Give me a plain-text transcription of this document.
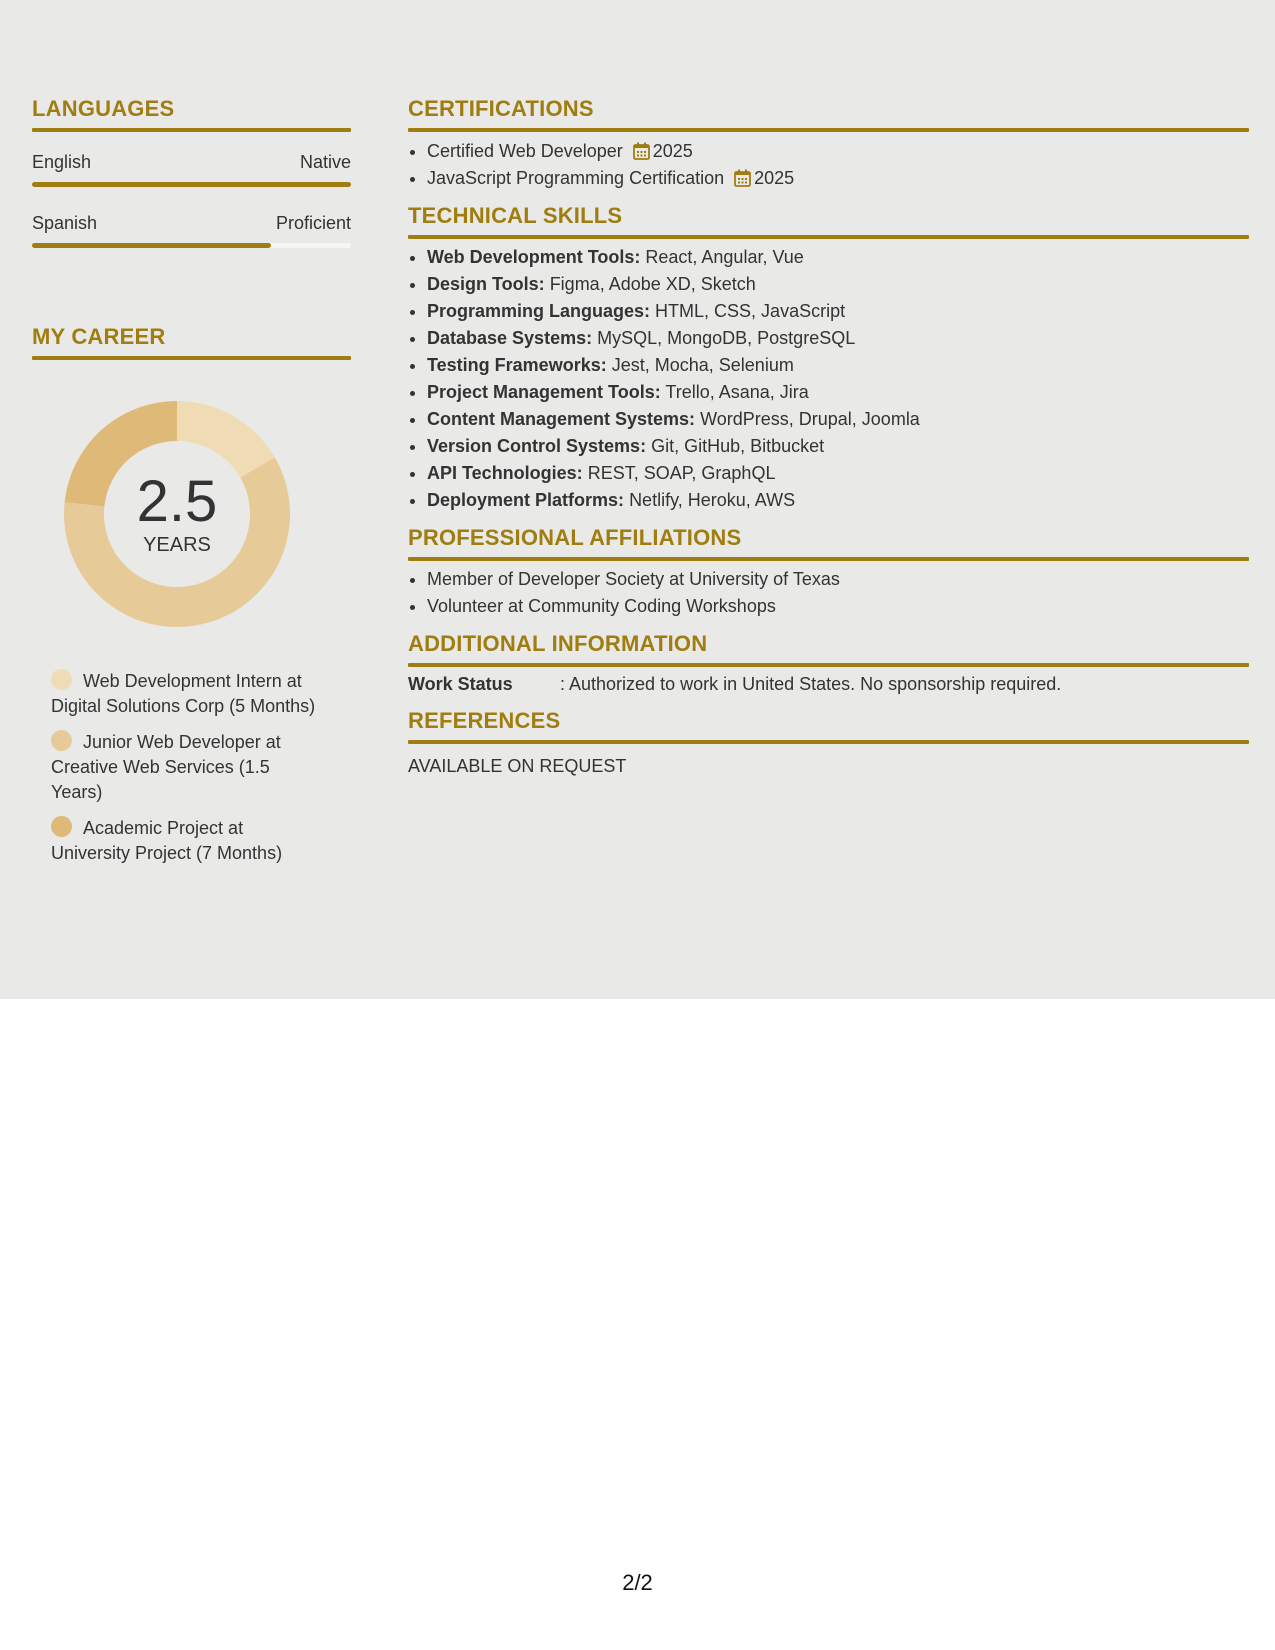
LANGUAGES
English	Native
Spanish	Proficient
MY CAREER
2.5
YEARS
Web Development Intern at Digital Solutions Corp (5 Months)
Junior Web Developer at Creative Web Services (1.5 Years)
Academic Project at University Project (7 Months)
CERTIFICATIONS
• Certified Web Developer 2025
• JavaScript Programming Certification 2025
TECHNICAL SKILLS
• Web Development Tools: React, Angular, Vue
• Design Tools: Figma, Adobe XD, Sketch
• Programming Languages: HTML, CSS, JavaScript
• Database Systems: MySQL, MongoDB, PostgreSQL
• Testing Frameworks: Jest, Mocha, Selenium
• Project Management Tools: Trello, Asana, Jira
• Content Management Systems: WordPress, Drupal, Joomla
• Version Control Systems: Git, GitHub, Bitbucket
• API Technologies: REST, SOAP, GraphQL
• Deployment Platforms: Netlify, Heroku, AWS
PROFESSIONAL AFFILIATIONS
• Member of Developer Society at University of Texas
• Volunteer at Community Coding Workshops
ADDITIONAL INFORMATION
Work Status	: Authorized to work in United States. No sponsorship required.
REFERENCES
AVAILABLE ON REQUEST
2/2
